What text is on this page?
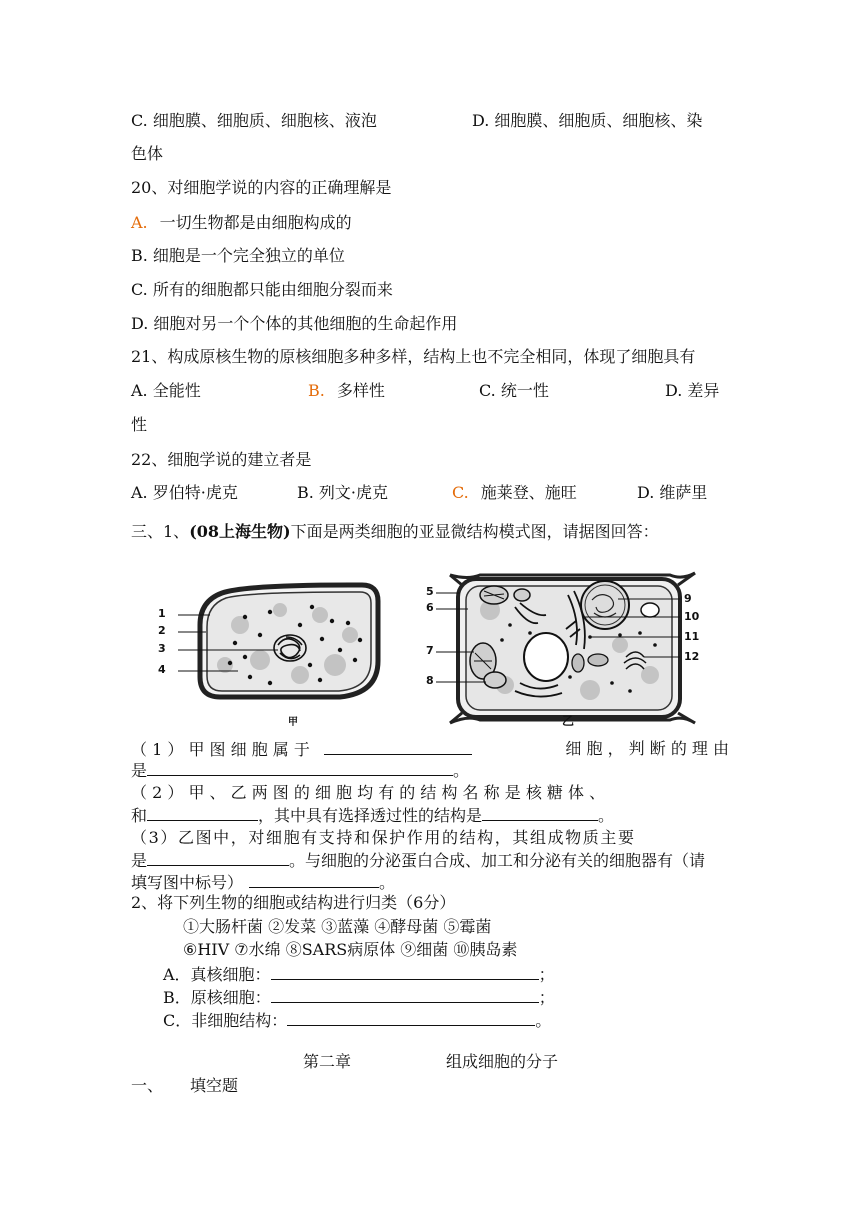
C. 细胞膜、细胞质、细胞核、液泡	D. 细胞膜、细胞质、细胞核、染
色体
20、对细胞学说的内容的正确理解是
A. 一切生物都是由细胞构成的
B. 细胞是一个完全独立的单位
C. 所有的细胞都只能由细胞分裂而来
D. 细胞对另一个个体的其他细胞的生命起作用
21、构成原核生物的原核细胞多种多样，结构上也不完全相同，体现了细胞具有
A. 全能性	B. 多样性	C. 统一性	D. 差异
性
22、细胞学说的建立者是
A. 罗伯特·虎克	B. 列文·虎克	C. 施莱登、施旺	D. 维萨里
三、1、(08上海生物)下面是两类细胞的亚显微结构模式图，请据图回答：
1
2
3
4
5
6
7
8
9
10
11
12
甲	乙
（ 1 ） 甲 图 细 胞 属 于	细 胞 ， 判 断 的 理 由
是	。
（ 2 ） 甲 、 乙 两 图 的 细 胞 均 有 的 结 构 名 称 是 核 糖 体 、
和	，其中具有选择透过性的结构是	。
（3）乙图中，对细胞有支持和保护作用的结构，其组成物质主要
是	。与细胞的分泌蛋白合成、加工和分泌有关的细胞器有（请
填写图中标号）	。
2、将下列生物的细胞或结构进行归类（6分）
①大肠杆菌 ②发菜 ③蓝藻 ④酵母菌 ⑤霉菌
⑥HIV ⑦水绵 ⑧SARS病原体 ⑨细菌 ⑩胰岛素
A．真核细胞：	；
B．原核细胞：	；
C．非细胞结构：	。
第二章	组成细胞的分子
一、 填空题
